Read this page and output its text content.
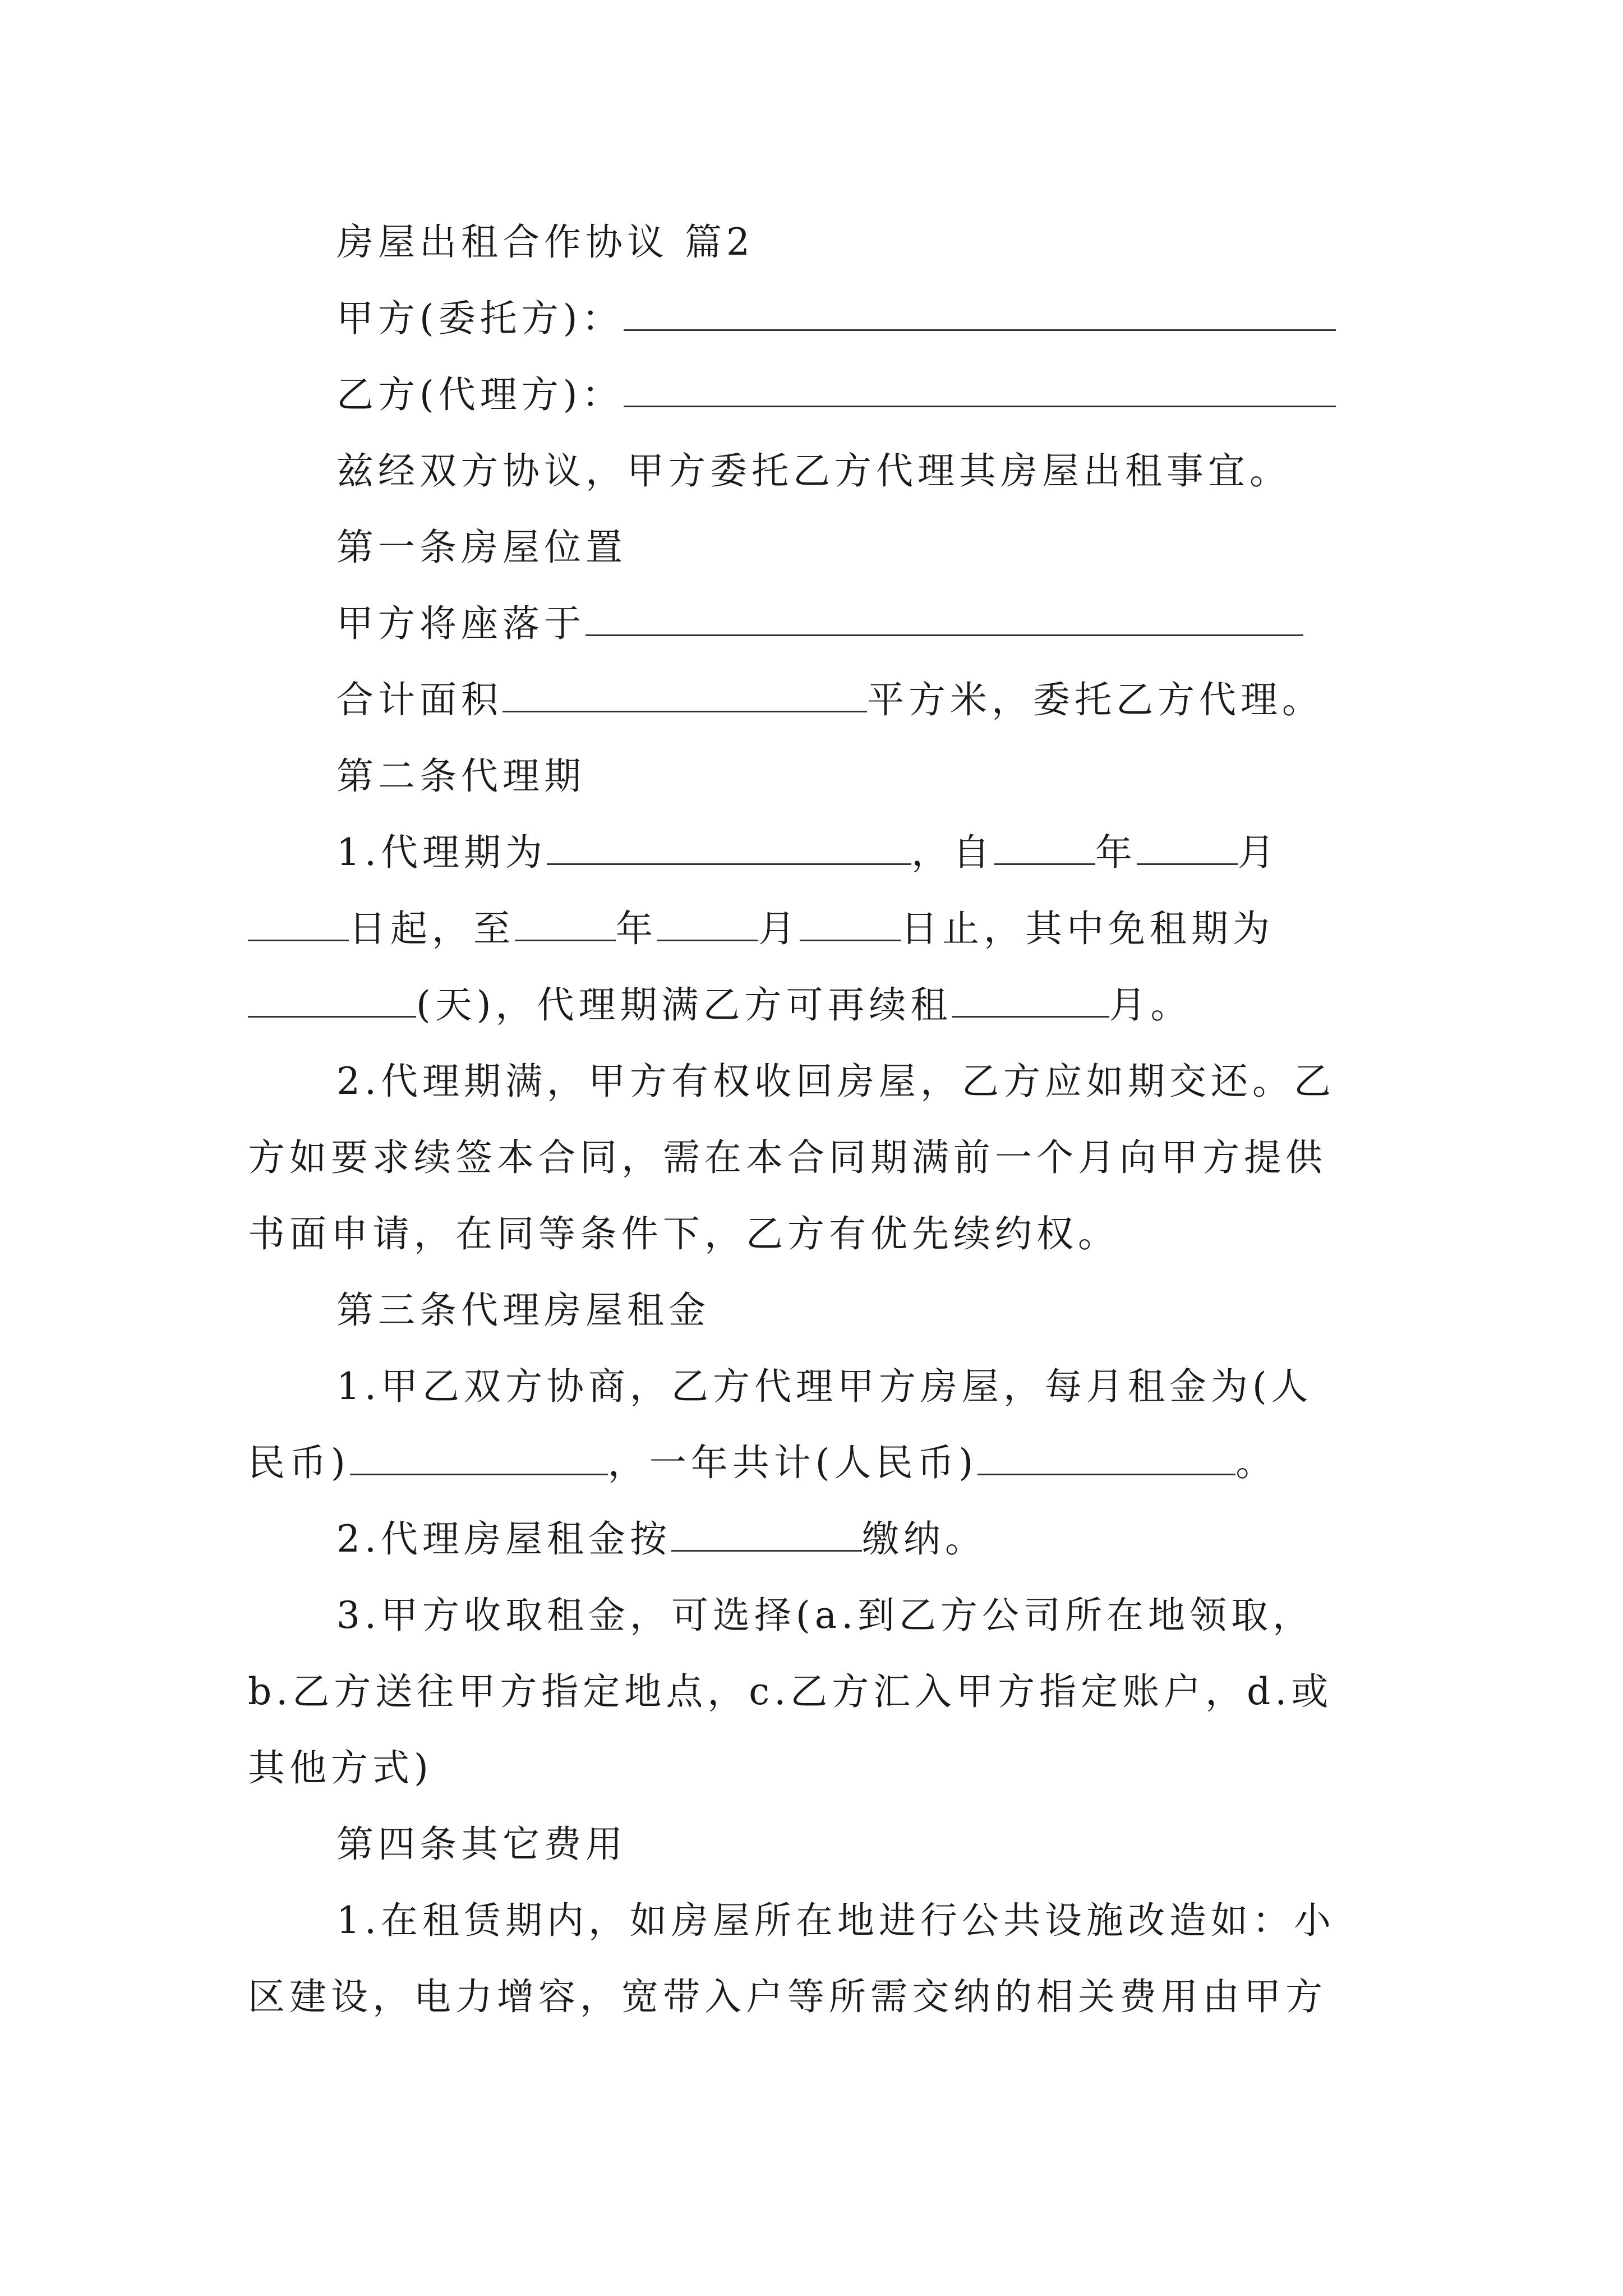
房屋出租合作协议 篇2
甲方(委托方)：
乙方(代理方)：
兹经双方协议，甲方委托乙方代理其房屋出租事宜。
第一条房屋位置
甲方将座落于
合计面积	平方米，委托乙方代理。
第二条代理期
1.代理期为	，自	年	月
日起，至	年	月	日止，其中免租期为
(天)，代理期满乙方可再续租	月。
2.代理期满，甲方有权收回房屋，乙方应如期交还。乙
方如要求续签本合同，需在本合同期满前一个月向甲方提供
书面申请，在同等条件下，乙方有优先续约权。
第三条代理房屋租金
1.甲乙双方协商，乙方代理甲方房屋，每月租金为(人
民币)	，一年共计(人民币)	。
2.代理房屋租金按	缴纳。
3.甲方收取租金，可选择(a.到乙方公司所在地领取，
b.乙方送往甲方指定地点，c.乙方汇入甲方指定账户，d.或
其他方式)
第四条其它费用
1.在租赁期内，如房屋所在地进行公共设施改造如：小
区建设，电力增容，宽带入户等所需交纳的相关费用由甲方
